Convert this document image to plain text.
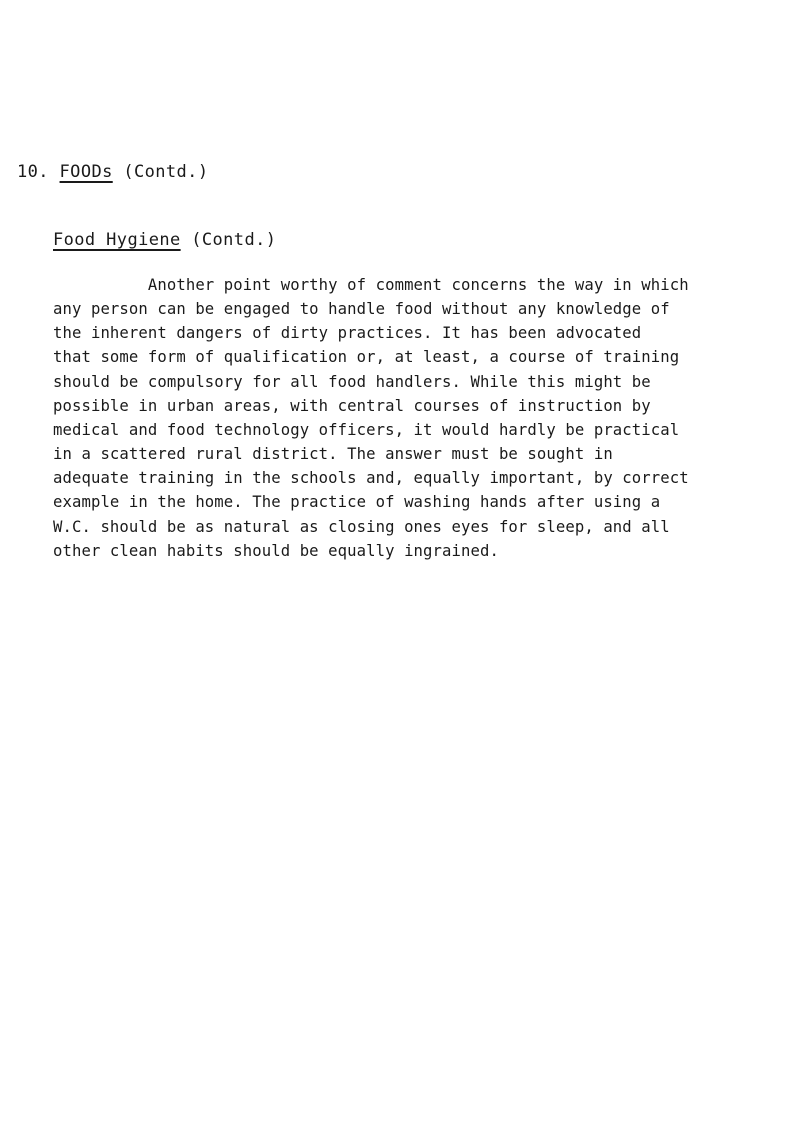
10. FOODs (Contd.)
Food Hygiene (Contd.)
Another point worthy of comment concerns the way in which
any person can be engaged to handle food without any knowledge of
the inherent dangers of dirty practices. It has been advocated
that some form of qualification or, at least, a course of training
should be compulsory for all food handlers. While this might be
possible in urban areas, with central courses of instruction by
medical and food technology officers, it would hardly be practical
in a scattered rural district. The answer must be sought in
adequate training in the schools and, equally important, by correct
example in the home. The practice of washing hands after using a
W.C. should be as natural as closing ones eyes for sleep, and all
other clean habits should be equally ingrained.
